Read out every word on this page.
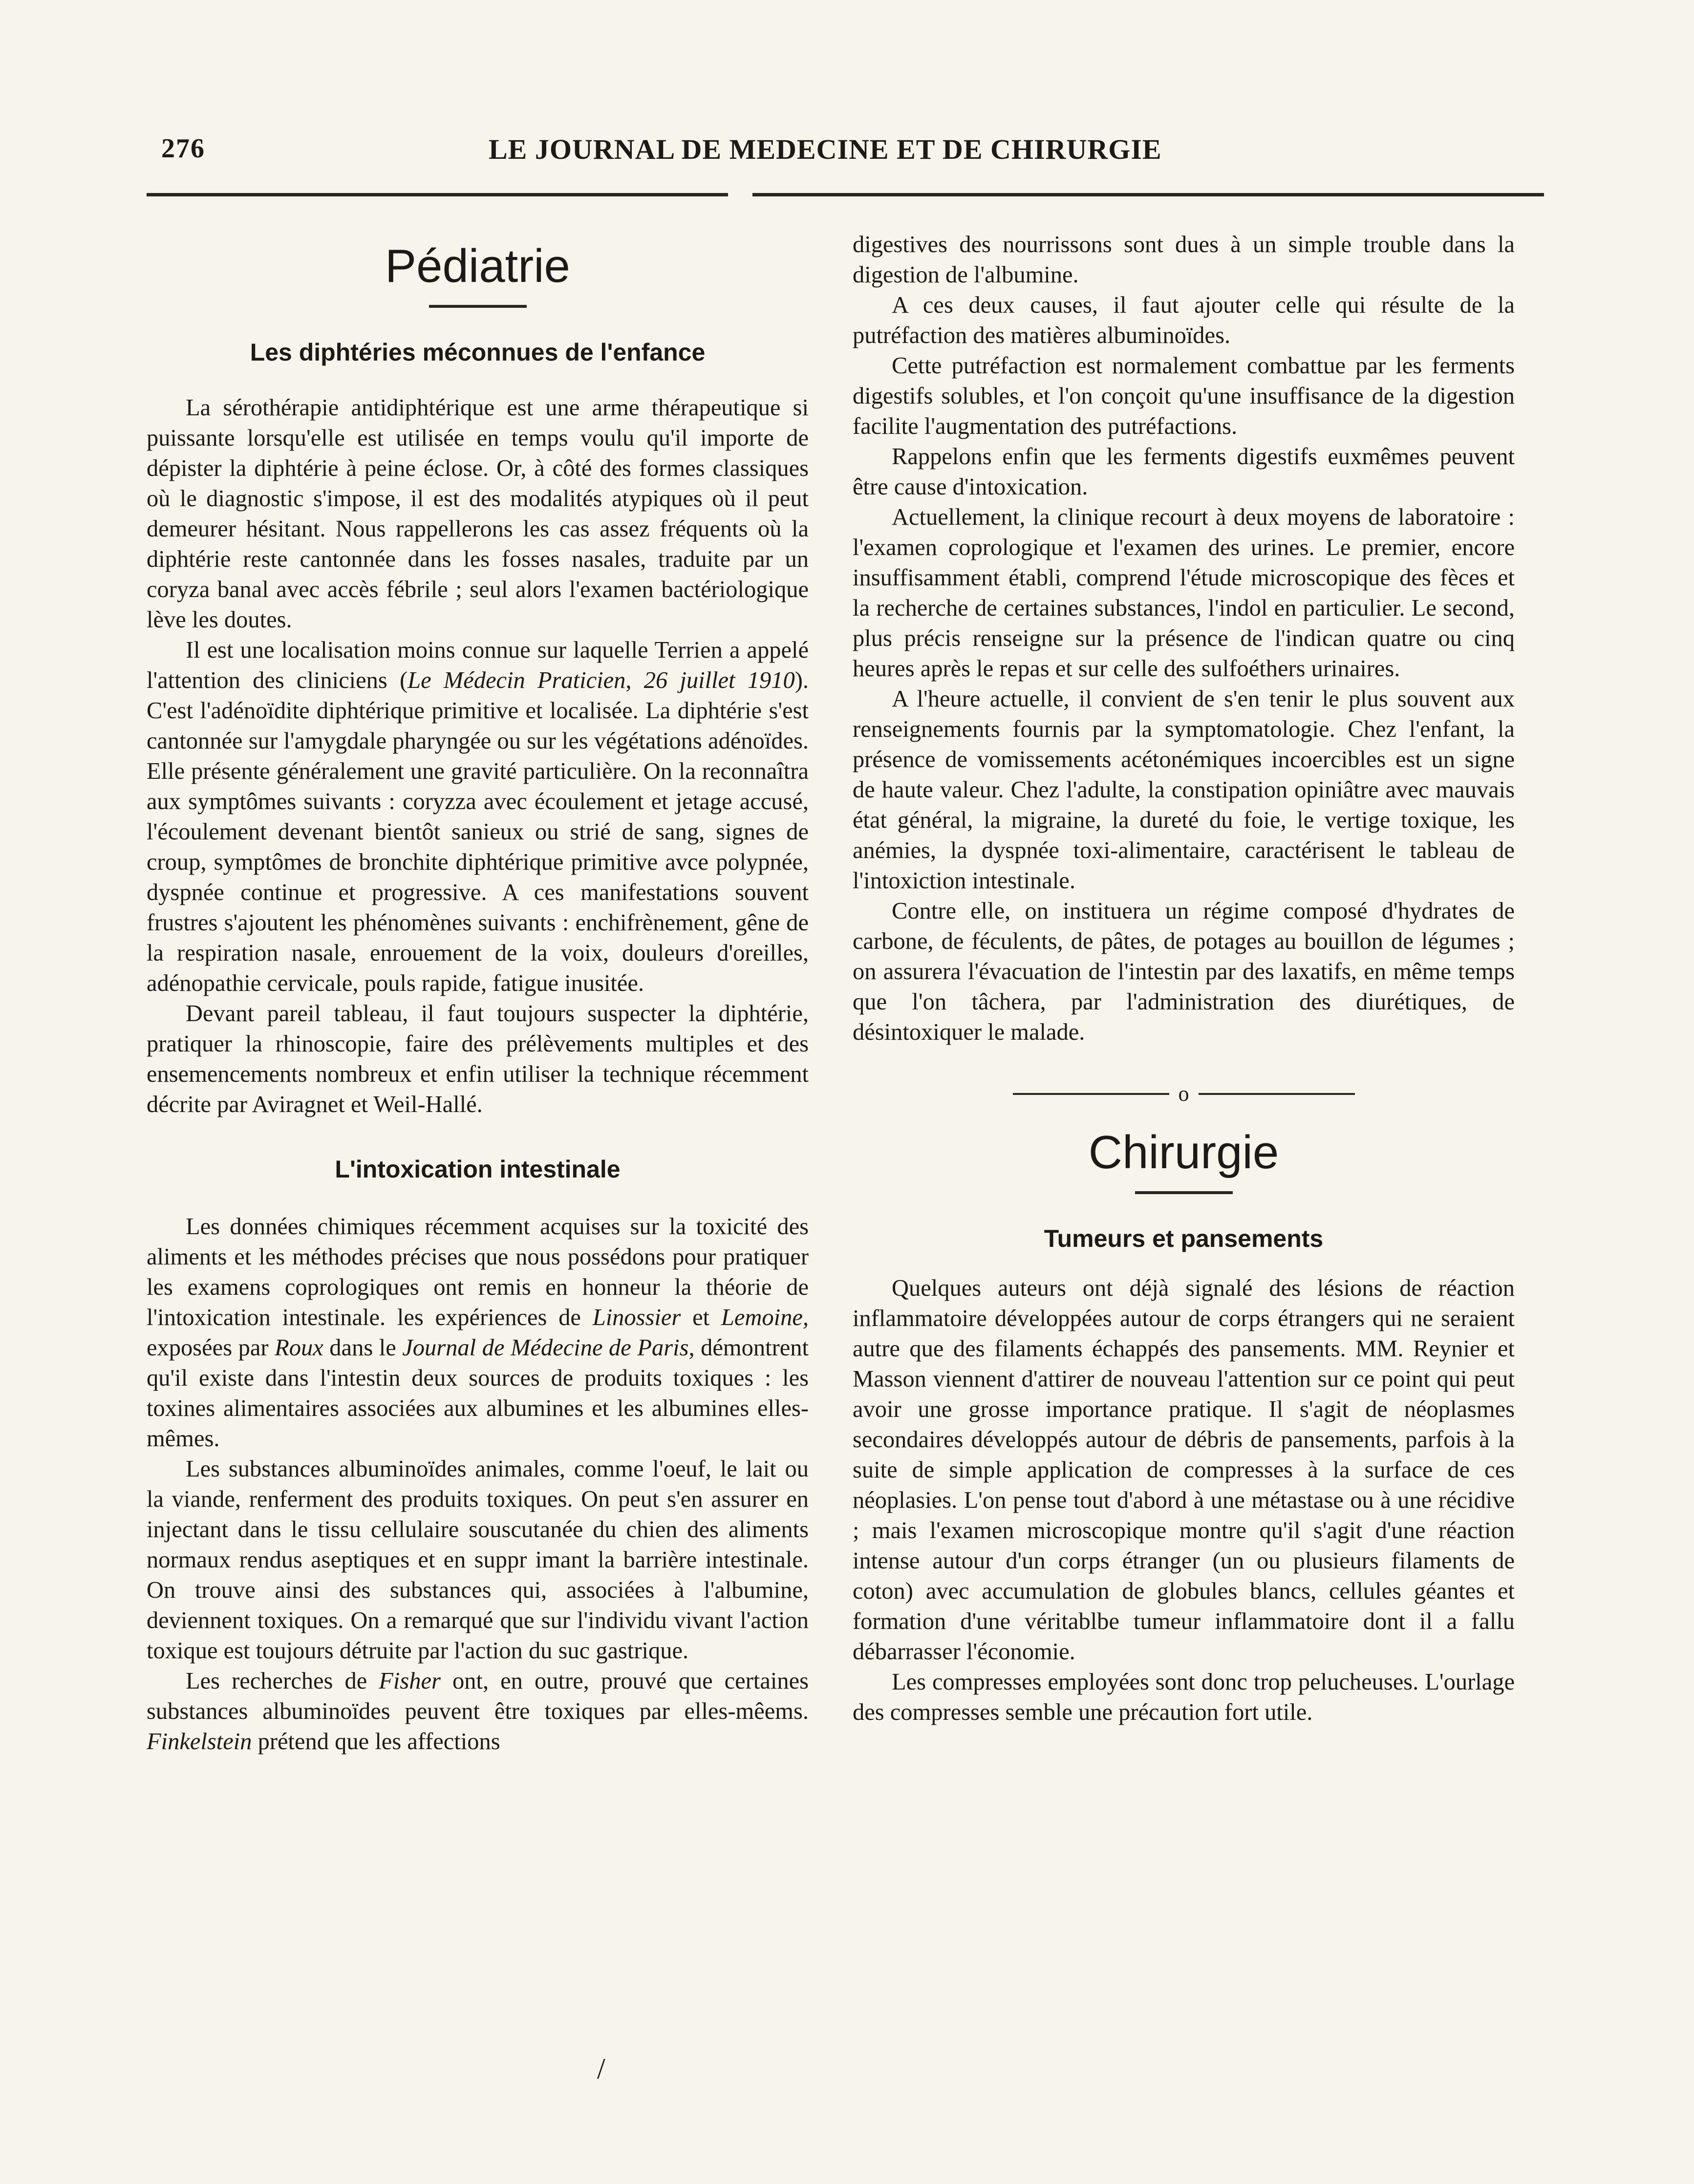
276	LE JOURNAL DE MEDECINE ET DE CHIRURGIE
Pédiatrie
Les diphtéries méconnues de l'enfance

La sérothérapie antidiphtérique est une arme thérapeutique si puissante lorsqu'elle est utilisée en temps voulu qu'il importe de dépister la diphtérie à peine éclose. Or, à côté des formes classiques où le diagnostic s'impose, il est des modalités atypiques où il peut demeurer hésitant. Nous rappellerons les cas assez fréquents où la diphtérie reste cantonnée dans les fosses nasales, traduite par un coryza banal avec accès fébrile ; seul alors l'examen bactériologique lève les doutes.

Il est une localisation moins connue sur laquelle Terrien a appelé l'attention des cliniciens (Le Médecin Praticien, 26 juillet 1910). C'est l'adénoïdite diphtérique primitive et localisée. La diphtérie s'est cantonnée sur l'amygdale pharyngée ou sur les végétations adénoïdes. Elle présente généralement une gravité particulière. On la reconnaîtra aux symptômes suivants : coryzza avec écoulement et jetage accusé, l'écoulement devenant bientôt sanieux ou strié de sang, signes de croup, symptômes de bronchite diphtérique primitive avce polypnée, dyspnée continue et progressive. A ces manifestations souvent frustres s'ajoutent les phénomènes suivants : enchifrènement, gêne de la respiration nasale, enrouement de la voix, douleurs d'oreilles, adénopathie cervicale, pouls rapide, fatigue inusitée.

Devant pareil tableau, il faut toujours suspecter la diphtérie, pratiquer la rhinoscopie, faire des prélèvements multiples et des ensemencements nombreux et enfin utiliser la technique récemment décrite par Aviragnet et Weil-Hallé.

L'intoxication intestinale

Les données chimiques récemment acquises sur la toxicité des aliments et les méthodes précises que nous possédons pour pratiquer les examens coprologiques ont remis en honneur la théorie de l'intoxication intestinale. les expériences de Linossier et Lemoine, exposées par Roux dans le Journal de Médecine de Paris, démontrent qu'il existe dans l'intestin deux sources de produits toxiques : les toxines alimentaires associées aux albumines et les albumines elles-mêmes.

Les substances albuminoïdes animales, comme l'oeuf, le lait ou la viande, renferment des produits toxiques. On peut s'en assurer en injectant dans le tissu cellulaire souscutanée du chien des aliments normaux rendus aseptiques et en suppr imant la barrière intestinale. On trouve ainsi des substances qui, associées à l'albumine, deviennent toxiques. On a remarqué que sur l'individu vivant l'action toxique est toujours détruite par l'action du suc gastrique.

Les recherches de Fisher ont, en outre, prouvé que certaines substances albuminoïdes peuvent être toxiques par elles-mêems. Finkelstein prétend que les affections

digestives des nourrissons sont dues à un simple trouble dans la digestion de l'albumine.

A ces deux causes, il faut ajouter celle qui résulte de la putréfaction des matières albuminoïdes.

Cette putréfaction est normalement combattue par les ferments digestifs solubles, et l'on conçoit qu'une insuffisance de la digestion facilite l'augmentation des putréfactions.

Rappelons enfin que les ferments digestifs euxmêmes peuvent être cause d'intoxication.

Actuellement, la clinique recourt à deux moyens de laboratoire : l'examen coprologique et l'examen des urines. Le premier, encore insuffisamment établi, comprend l'étude microscopique des fèces et la recherche de certaines substances, l'indol en particulier. Le second, plus précis renseigne sur la présence de l'indican quatre ou cinq heures après le repas et sur celle des sulfoéthers urinaires.

A l'heure actuelle, il convient de s'en tenir le plus souvent aux renseignements fournis par la symptomatologie. Chez l'enfant, la présence de vomissements acétonémiques incoercibles est un signe de haute valeur. Chez l'adulte, la constipation opiniâtre avec mauvais état général, la migraine, la dureté du foie, le vertige toxique, les anémies, la dyspnée toxi-alimentaire, caractérisent le tableau de l'intoxiction intestinale.

Contre elle, on instituera un régime composé d'hydrates de carbone, de féculents, de pâtes, de potages au bouillon de légumes ; on assurera l'évacuation de l'intestin par des laxatifs, en même temps que l'on tâchera, par l'administration des diurétiques, de désintoxiquer le malade.

o
Chirurgie
Tumeurs et pansements

Quelques auteurs ont déjà signalé des lésions de réaction inflammatoire développées autour de corps étrangers qui ne seraient autre que des filaments échappés des pansements. MM. Reynier et Masson viennent d'attirer de nouveau l'attention sur ce point qui peut avoir une grosse importance pratique. Il s'agit de néoplasmes secondaires développés autour de débris de pansements, parfois à la suite de simple application de compresses à la surface de ces néoplasies. L'on pense tout d'abord à une métastase ou à une récidive ; mais l'examen microscopique montre qu'il s'agit d'une réaction intense autour d'un corps étranger (un ou plusieurs filaments de coton) avec accumulation de globules blancs, cellules géantes et formation d'une véritablbe tumeur inflammatoire dont il a fallu débarrasser l'économie.

Les compresses employées sont donc trop pelucheuses. L'ourlage des compresses semble une précaution fort utile.

/
